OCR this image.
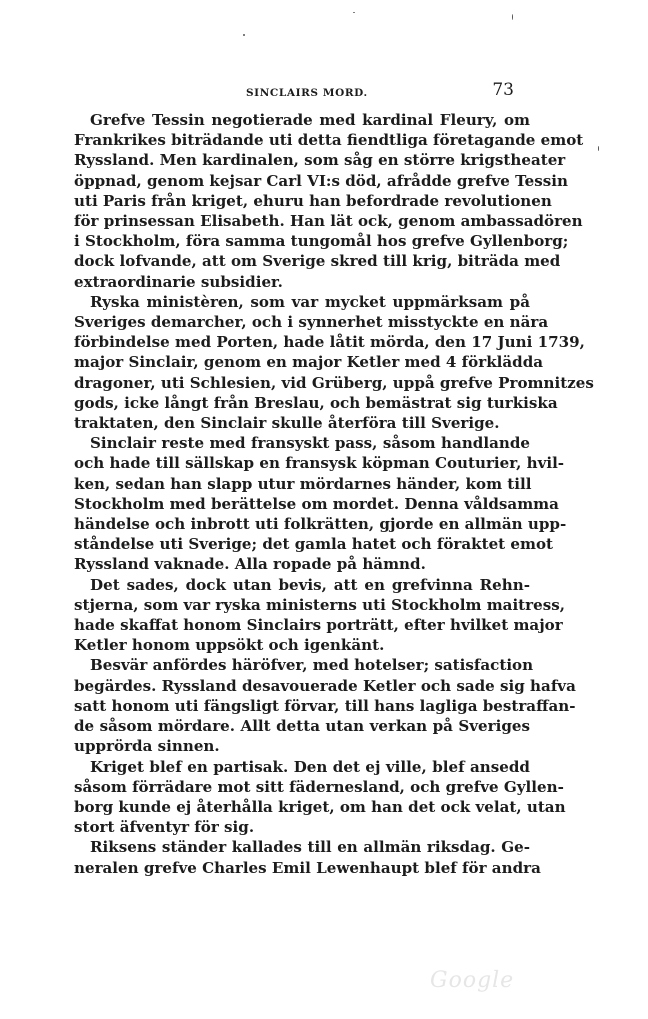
SINCLAIRS MORD.	73
Grefve Tessin negotierade med kardinal Fleury, om
Frankrikes biträdande uti detta fiendtliga företagande emot
Ryssland. Men kardinalen, som såg en större krigstheater
öppnad, genom kejsar Carl VI:s död, afrådde grefve Tessin
uti Paris från kriget, ehuru han befordrade revolutionen
för prinsessan Elisabeth. Han lät ock, genom ambassadören
i Stockholm, föra samma tungomål hos grefve Gyllenborg;
dock lofvande, att om Sverige skred till krig, biträda med
extraordinarie subsidier.
Ryska ministèren, som var mycket uppmärksam på
Sveriges demarcher, och i synnerhet misstyckte en nära
förbindelse med Porten, hade låtit mörda, den 17 Juni 1739,
major Sinclair, genom en major Ketler med 4 förklädda
dragoner, uti Schlesien, vid Grüberg, uppå grefve Promnitzes
gods, icke långt från Breslau, och bemästrat sig turkiska
traktaten, den Sinclair skulle återföra till Sverige.
Sinclair reste med fransyskt pass, såsom handlande
och hade till sällskap en fransysk köpman Couturier, hvil-
ken, sedan han slapp utur mördarnes händer, kom till
Stockholm med berättelse om mordet. Denna våldsamma
händelse och inbrott uti folkrätten, gjorde en allmän upp-
ståndelse uti Sverige; det gamla hatet och föraktet emot
Ryssland vaknade. Alla ropade på hämnd.
Det sades, dock utan bevis, att en grefvinna Rehn-
stjerna, som var ryska ministerns uti Stockholm maitress,
hade skaffat honom Sinclairs porträtt, efter hvilket major
Ketler honom uppsökt och igenkänt.
Besvär anfördes häröfver, med hotelser; satisfaction
begärdes. Ryssland desavouerade Ketler och sade sig hafva
satt honom uti fängsligt förvar, till hans lagliga bestraffan-
de såsom mördare. Allt detta utan verkan på Sveriges
upprörda sinnen.
Kriget blef en partisak. Den det ej ville, blef ansedd
såsom förrädare mot sitt fädernesland, och grefve Gyllen-
borg kunde ej återhålla kriget, om han det ock velat, utan
stort äfventyr för sig.
Riksens ständer kallades till en allmän riksdag. Ge-
neralen grefve Charles Emil Lewenhaupt blef för andra
Google
